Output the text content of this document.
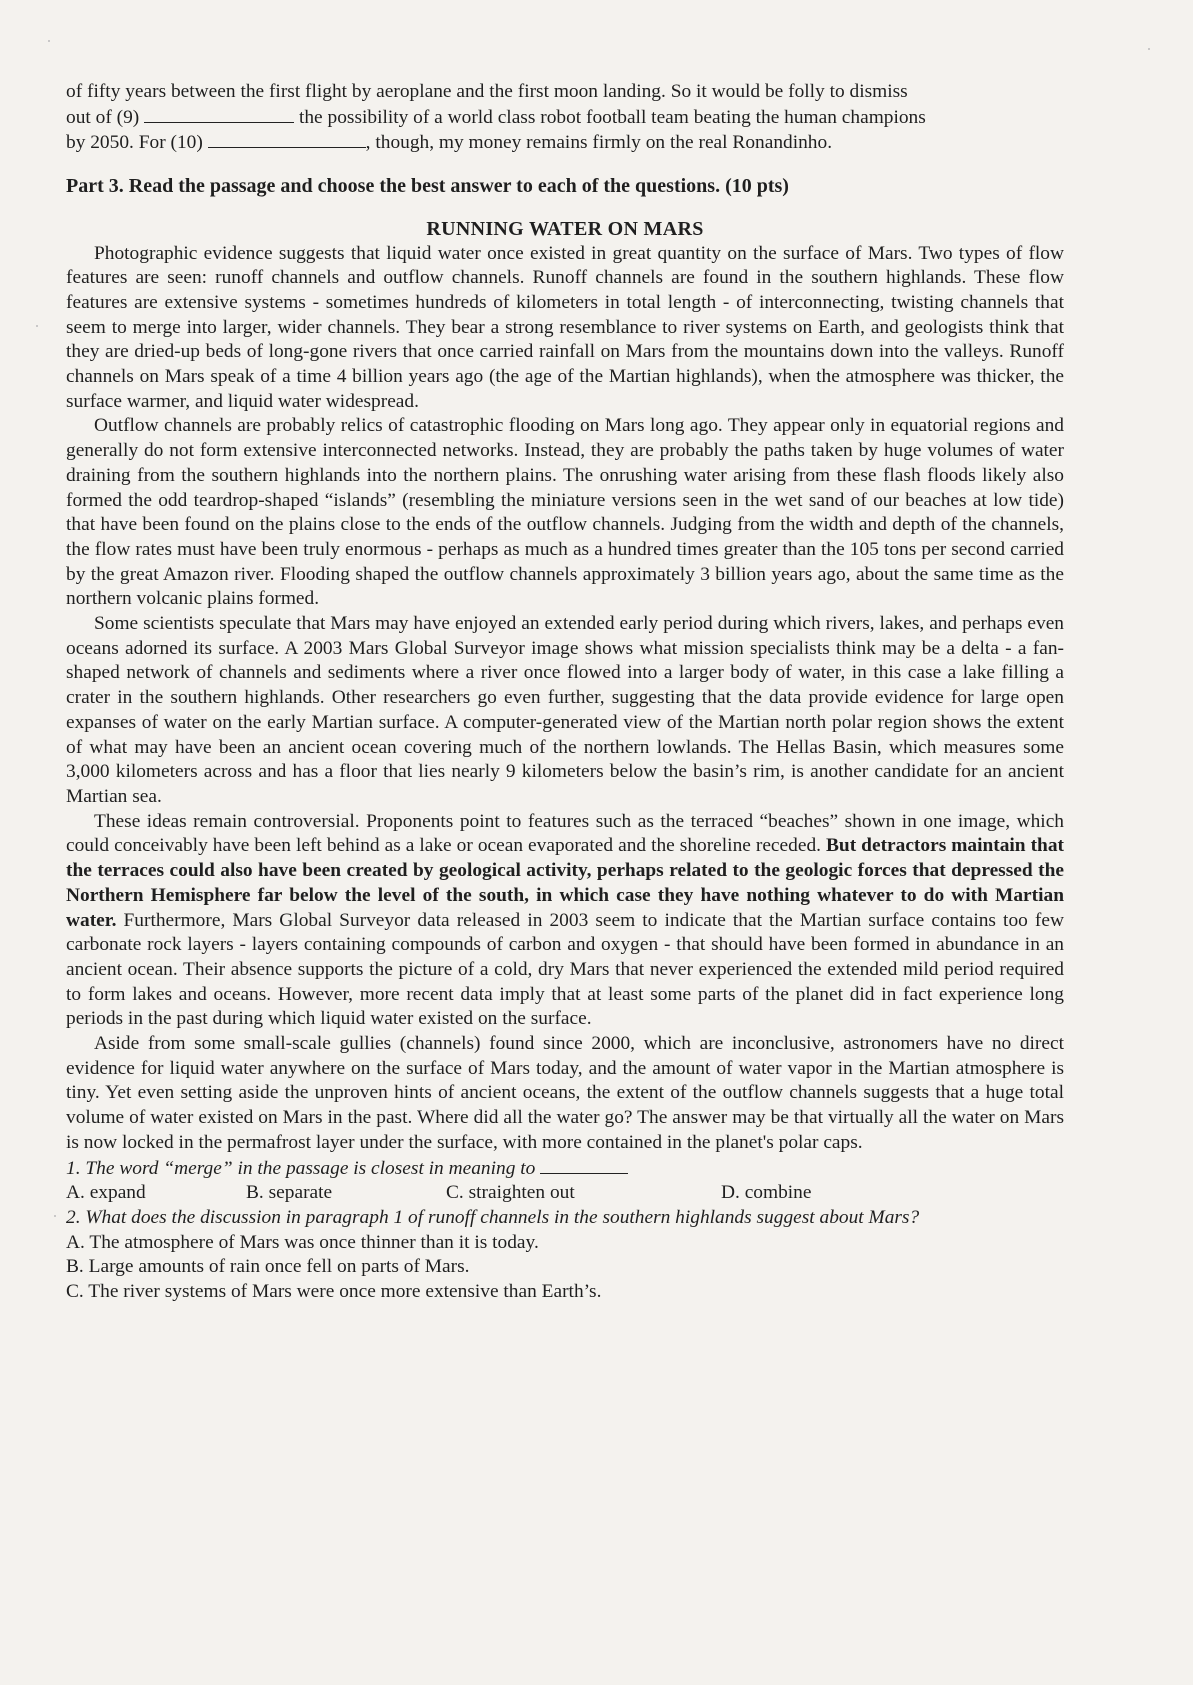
of fifty years between the first flight by aeroplane and the first moon landing. So it would be folly to dismiss

out of (9)	the possibility of a world class robot football team beating the human champions

by 2050. For (10)	, though, my money remains firmly on the real Ronandinho.

Part 3. Read the passage and choose the best answer to each of the questions. (10 pts)
RUNNING WATER ON MARS

Photographic evidence suggests that liquid water once existed in great quantity on the surface of Mars. Two types of flow features are seen: runoff channels and outflow channels. Runoff channels are found in the southern highlands. These flow features are extensive systems - sometimes hundreds of kilometers in total length - of interconnecting, twisting channels that seem to merge into larger, wider channels. They bear a strong resemblance to river systems on Earth, and geologists think that they are dried-up beds of long-gone rivers that once carried rainfall on Mars from the mountains down into the valleys. Runoff channels on Mars speak of a time 4 billion years ago (the age of the Martian highlands), when the atmosphere was thicker, the surface warmer, and liquid water widespread.

Outflow channels are probably relics of catastrophic flooding on Mars long ago. They appear only in equatorial regions and generally do not form extensive interconnected networks. Instead, they are probably the paths taken by huge volumes of water draining from the southern highlands into the northern plains. The onrushing water arising from these flash floods likely also formed the odd teardrop-shaped “islands” (resembling the miniature versions seen in the wet sand of our beaches at low tide) that have been found on the plains close to the ends of the outflow channels. Judging from the width and depth of the channels, the flow rates must have been truly enormous - perhaps as much as a hundred times greater than the 105 tons per second carried by the great Amazon river. Flooding shaped the outflow channels approximately 3 billion years ago, about the same time as the northern volcanic plains formed.

Some scientists speculate that Mars may have enjoyed an extended early period during which rivers, lakes, and perhaps even oceans adorned its surface. A 2003 Mars Global Surveyor image shows what mission specialists think may be a delta - a fan-shaped network of channels and sediments where a river once flowed into a larger body of water, in this case a lake filling a crater in the southern highlands. Other researchers go even further, suggesting that the data provide evidence for large open expanses of water on the early Martian surface. A computer-generated view of the Martian north polar region shows the extent of what may have been an ancient ocean covering much of the northern lowlands. The Hellas Basin, which measures some 3,000 kilometers across and has a floor that lies nearly 9 kilometers below the basin’s rim, is another candidate for an ancient Martian sea.

These ideas remain controversial. Proponents point to features such as the terraced “beaches” shown in one image, which could conceivably have been left behind as a lake or ocean evaporated and the shoreline receded. But detractors maintain that the terraces could also have been created by geological activity, perhaps related to the geologic forces that depressed the Northern Hemisphere far below the level of the south, in which case they have nothing whatever to do with Martian water. Furthermore, Mars Global Surveyor data released in 2003 seem to indicate that the Martian surface contains too few carbonate rock layers - layers containing compounds of carbon and oxygen - that should have been formed in abundance in an ancient ocean. Their absence supports the picture of a cold, dry Mars that never experienced the extended mild period required to form lakes and oceans. However, more recent data imply that at least some parts of the planet did in fact experience long periods in the past during which liquid water existed on the surface.

Aside from some small-scale gullies (channels) found since 2000, which are inconclusive, astronomers have no direct evidence for liquid water anywhere on the surface of Mars today, and the amount of water vapor in the Martian atmosphere is tiny. Yet even setting aside the unproven hints of ancient oceans, the extent of the outflow channels suggests that a huge total volume of water existed on Mars in the past. Where did all the water go? The answer may be that virtually all the water on Mars is now locked in the permafrost layer under the surface, with more contained in the planet's polar caps.

1. The word “merge” in the passage is closest in meaning to
A. expand	B. separate	C. straighten out	D. combine
2. What does the discussion in paragraph 1 of runoff channels in the southern highlands suggest about Mars?
A. The atmosphere of Mars was once thinner than it is today.
B. Large amounts of rain once fell on parts of Mars.
C. The river systems of Mars were once more extensive than Earth’s.
